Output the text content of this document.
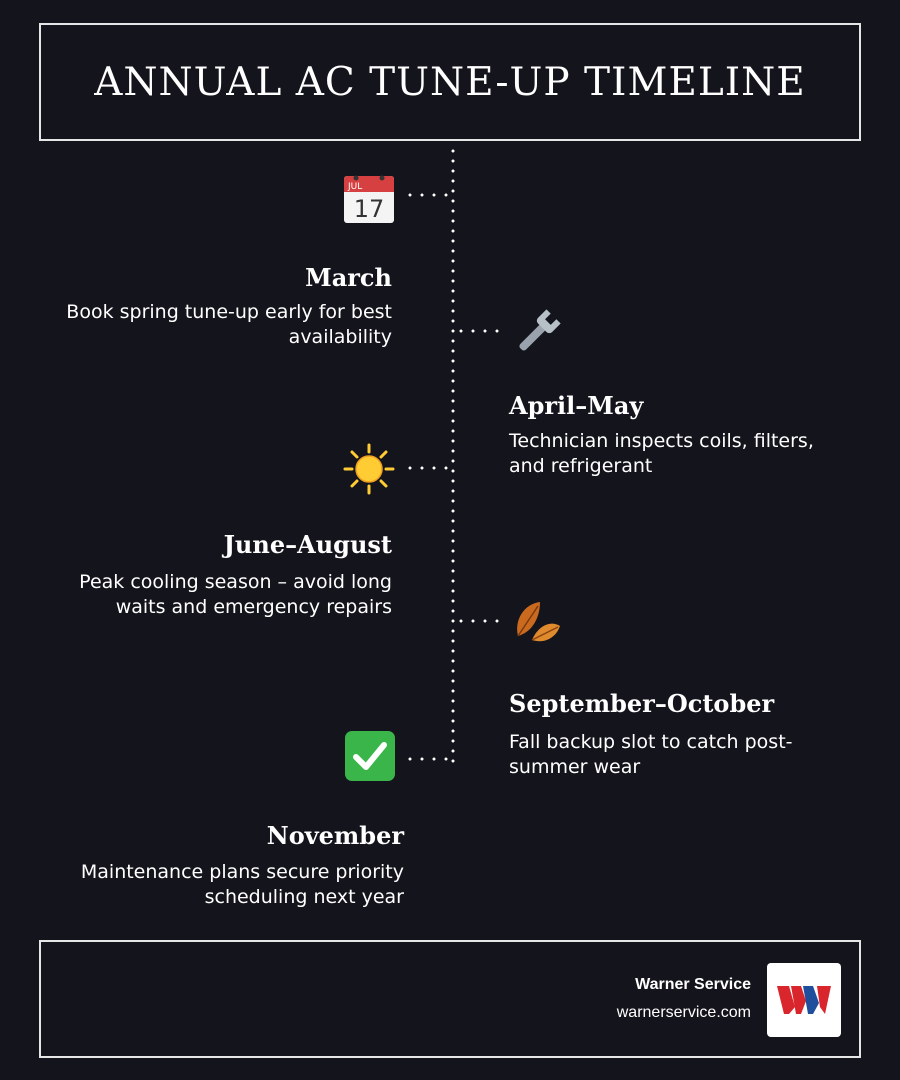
ANNUAL AC TUNE-UP TIMELINE
JUL
17

March

Book spring tune-up early for best availability

April–May

Technician inspects coils, filters, and refrigerant

June–August

Peak cooling season – avoid long waits and emergency repairs

September–October

Fall backup slot to catch post-summer wear

November

Maintenance plans secure priority scheduling next year

Warner Service
warnerservice.com
